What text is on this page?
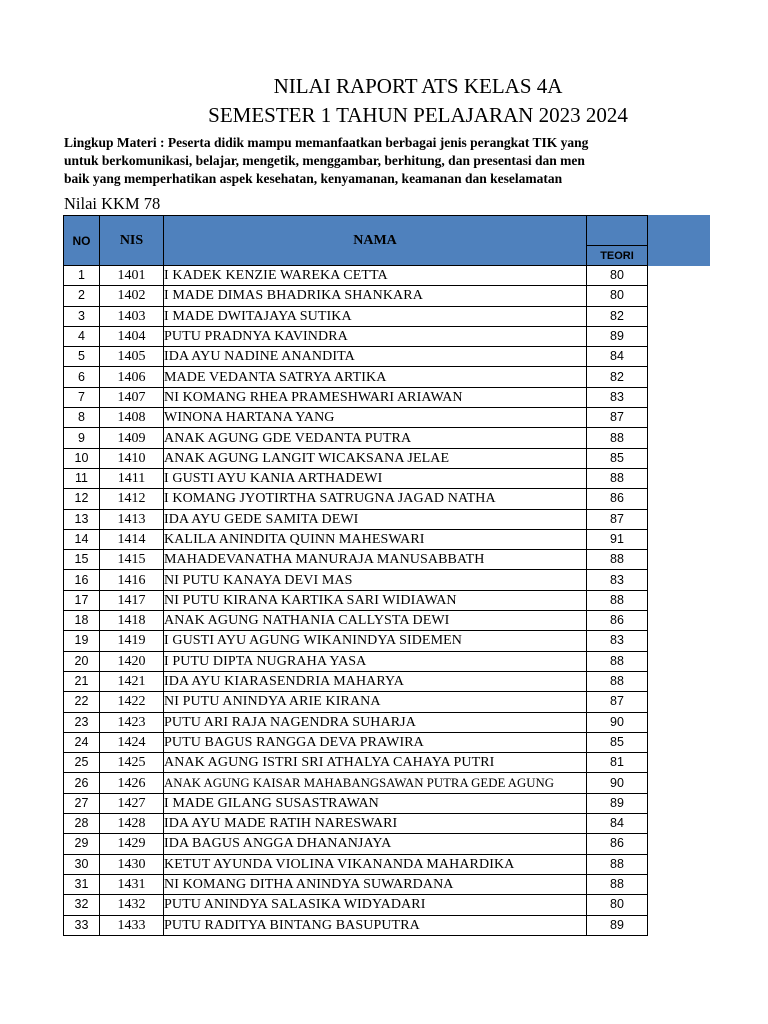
NILAI RAPORT ATS KELAS 4A
SEMESTER 1 TAHUN PELAJARAN 2023 2024
Lingkup Materi : Peserta didik mampu memanfaatkan berbagai jenis perangkat TIK yang
untuk berkomunikasi, belajar, mengetik, menggambar, berhitung, dan presentasi dan men
baik yang memperhatikan aspek kesehatan, kenyamanan, keamanan dan keselamatan
Nilai KKM 78
NO	NIS	NAMA	
			TEORI
1	1401	I KADEK KENZIE WAREKA CETTA	80
2	1402	I MADE DIMAS BHADRIKA SHANKARA	80
3	1403	I MADE DWITAJAYA SUTIKA	82
4	1404	PUTU PRADNYA KAVINDRA	89
5	1405	IDA AYU NADINE ANANDITA	84
6	1406	MADE VEDANTA SATRYA ARTIKA	82
7	1407	NI KOMANG RHEA PRAMESHWARI ARIAWAN	83
8	1408	WINONA HARTANA YANG	87
9	1409	ANAK AGUNG GDE VEDANTA PUTRA	88
10	1410	ANAK AGUNG LANGIT WICAKSANA JELAE	85
11	1411	I GUSTI AYU KANIA ARTHADEWI	88
12	1412	I KOMANG JYOTIRTHA SATRUGNA JAGAD NATHA	86
13	1413	IDA AYU GEDE SAMITA DEWI	87
14	1414	KALILA ANINDITA QUINN MAHESWARI	91
15	1415	MAHADEVANATHA MANURAJA MANUSABBATH	88
16	1416	NI PUTU KANAYA DEVI MAS	83
17	1417	NI PUTU KIRANA KARTIKA SARI WIDIAWAN	88
18	1418	ANAK AGUNG NATHANIA CALLYSTA DEWI	86
19	1419	I GUSTI AYU AGUNG WIKANINDYA SIDEMEN	83
20	1420	I PUTU DIPTA NUGRAHA YASA	88
21	1421	IDA AYU KIARASENDRIA MAHARYA	88
22	1422	NI PUTU ANINDYA ARIE KIRANA	87
23	1423	PUTU ARI RAJA NAGENDRA SUHARJA	90
24	1424	PUTU BAGUS RANGGA DEVA PRAWIRA	85
25	1425	ANAK AGUNG ISTRI SRI ATHALYA CAHAYA PUTRI	81
26	1426	ANAK AGUNG KAISAR MAHABANGSAWAN PUTRA GEDE AGUNG	90
27	1427	I MADE GILANG SUSASTRAWAN	89
28	1428	IDA AYU MADE RATIH NARESWARI	84
29	1429	IDA BAGUS ANGGA DHANANJAYA	86
30	1430	KETUT AYUNDA VIOLINA VIKANANDA MAHARDIKA	88
31	1431	NI KOMANG DITHA ANINDYA SUWARDANA	88
32	1432	PUTU ANINDYA SALASIKA WIDYADARI	80
33	1433	PUTU RADITYA BINTANG BASUPUTRA	89
